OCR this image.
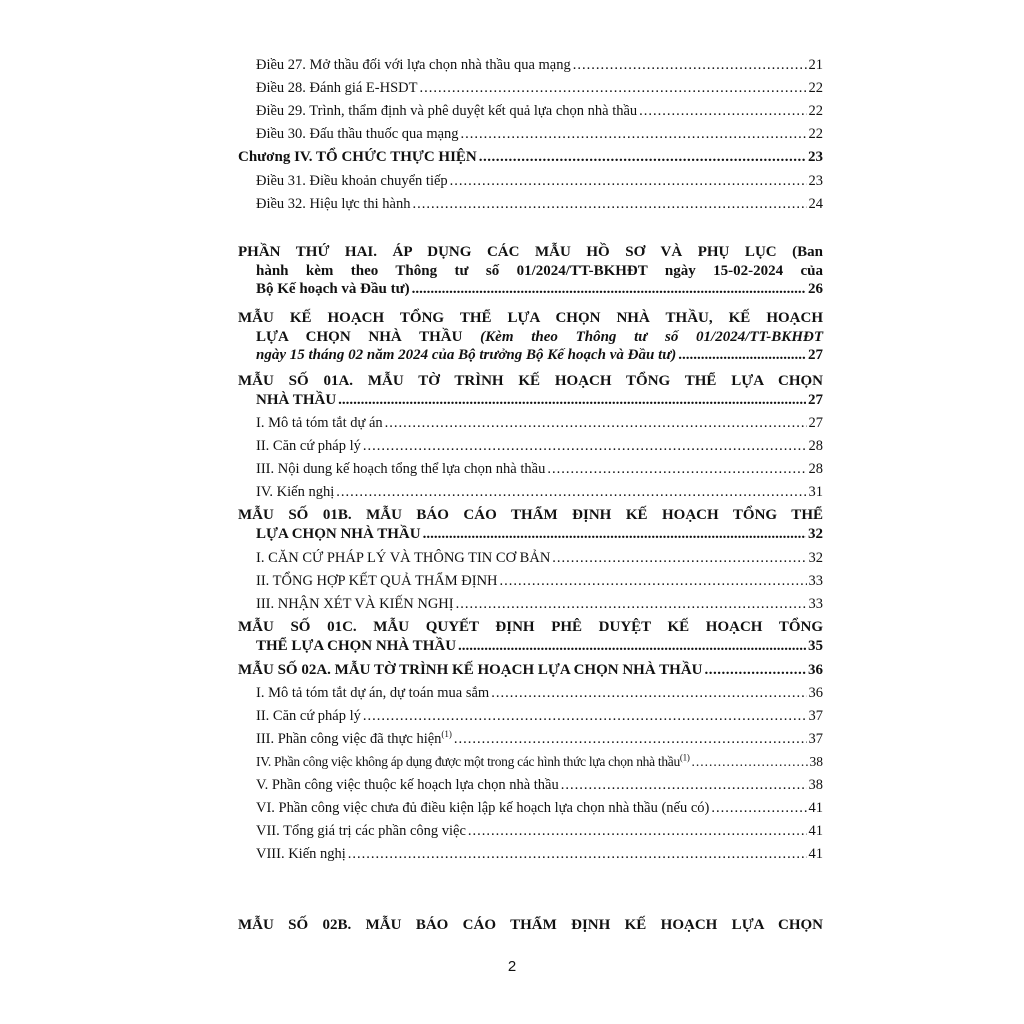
Điều 27. Mở thầu đối với lựa chọn nhà thầu qua mạng .....	21
Điều 28. Đánh giá E-HSDT .....	22
Điều 29. Trình, thẩm định và phê duyệt kết quả lựa chọn nhà thầu .....	22
Điều 30. Đấu thầu thuốc qua mạng .....	22
Chương IV. TỔ CHỨC THỰC HIỆN .....	23
Điều 31. Điều khoản chuyển tiếp .....	23
Điều 32. Hiệu lực thi hành .....	24
PHẦN THỨ HAI. ÁP DỤNG CÁC MẪU HỒ SƠ VÀ PHỤ LỤC (Ban
hành kèm theo Thông tư số 01/2024/TT-BKHĐT ngày 15-02-2024 của
Bộ Kế hoạch và Đầu tư) .....	26
MẪU KẾ HOẠCH TỔNG THỂ LỰA CHỌN NHÀ THẦU, KẾ HOẠCH
LỰA CHỌN NHÀ THẦU (Kèm theo Thông tư số 01/2024/TT-BKHĐT
ngày 15 tháng 02 năm 2024 của Bộ trưởng Bộ Kế hoạch và Đầu tư) .....	27
MẪU SỐ 01A. MẪU TỜ TRÌNH KẾ HOẠCH TỔNG THỂ LỰA CHỌN
NHÀ THẦU .....	27
I. Mô tả tóm tắt dự án .....	27
II. Căn cứ pháp lý .....	28
III. Nội dung kế hoạch tổng thể lựa chọn nhà thầu .....	28
IV. Kiến nghị .....	31
MẪU SỐ 01B. MẪU BÁO CÁO THẨM ĐỊNH KẾ HOẠCH TỔNG THỂ
LỰA CHỌN NHÀ THẦU .....	32
I. CĂN CỨ PHÁP LÝ VÀ THÔNG TIN CƠ BẢN .....	32
II. TỔNG HỢP KẾT QUẢ THẨM ĐỊNH .....	33
III. NHẬN XÉT VÀ KIẾN NGHỊ .....	33
MẪU SỐ 01C. MẪU QUYẾT ĐỊNH PHÊ DUYỆT KẾ HOẠCH TỔNG
THỂ LỰA CHỌN NHÀ THẦU .....	35
MẪU SỐ 02A. MẪU TỜ TRÌNH KẾ HOẠCH LỰA CHỌN NHÀ THẦU .....	36
I. Mô tả tóm tắt dự án, dự toán mua sắm .....	36
II. Căn cứ pháp lý .....	37
III. Phần công việc đã thực hiện$^{(1)}$ .....	37
IV. Phần công việc không áp dụng được một trong các hình thức lựa chọn nhà thầu$^{(1)}$ .....	38
V. Phần công việc thuộc kế hoạch lựa chọn nhà thầu .....	38
VI. Phần công việc chưa đủ điều kiện lập kế hoạch lựa chọn nhà thầu (nếu có) .....	41
VII. Tổng giá trị các phần công việc .....	41
VIII. Kiến nghị .....	41
MẪU SỐ 02B. MẪU BÁO CÁO THẨM ĐỊNH KẾ HOẠCH LỰA CHỌN
2
